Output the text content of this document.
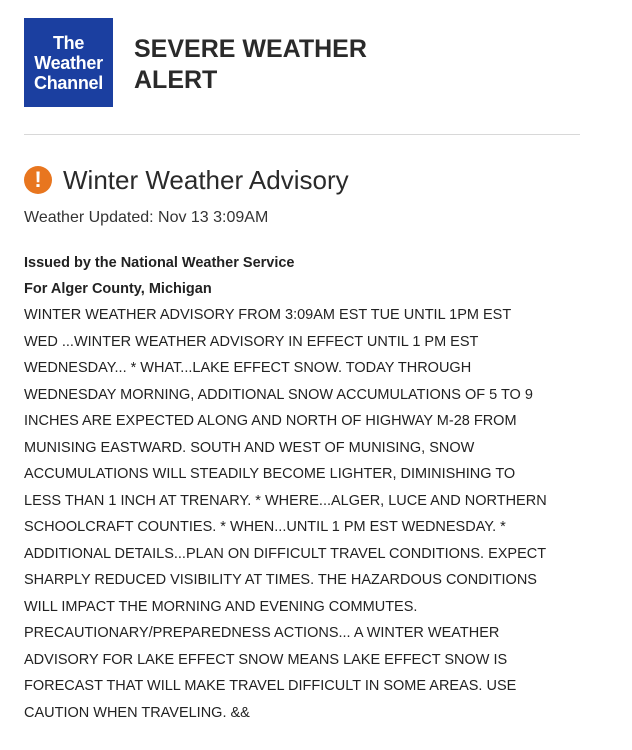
The
Weather
Channel
SEVERE WEATHER ALERT
! Winter Weather Advisory
Weather Updated: Nov 13 3:09AM
Issued by the National Weather Service
For Alger County, Michigan
WINTER WEATHER ADVISORY FROM 3:09AM EST TUE UNTIL 1PM EST
WED ...WINTER WEATHER ADVISORY IN EFFECT UNTIL 1 PM EST
WEDNESDAY... * WHAT...LAKE EFFECT SNOW. TODAY THROUGH
WEDNESDAY MORNING, ADDITIONAL SNOW ACCUMULATIONS OF 5 TO 9
INCHES ARE EXPECTED ALONG AND NORTH OF HIGHWAY M-28 FROM
MUNISING EASTWARD. SOUTH AND WEST OF MUNISING, SNOW
ACCUMULATIONS WILL STEADILY BECOME LIGHTER, DIMINISHING TO
LESS THAN 1 INCH AT TRENARY. * WHERE...ALGER, LUCE AND NORTHERN
SCHOOLCRAFT COUNTIES. * WHEN...UNTIL 1 PM EST WEDNESDAY. *
ADDITIONAL DETAILS...PLAN ON DIFFICULT TRAVEL CONDITIONS. EXPECT
SHARPLY REDUCED VISIBILITY AT TIMES. THE HAZARDOUS CONDITIONS
WILL IMPACT THE MORNING AND EVENING COMMUTES.
PRECAUTIONARY/PREPAREDNESS ACTIONS... A WINTER WEATHER
ADVISORY FOR LAKE EFFECT SNOW MEANS LAKE EFFECT SNOW IS
FORECAST THAT WILL MAKE TRAVEL DIFFICULT IN SOME AREAS. USE
CAUTION WHEN TRAVELING. &&
